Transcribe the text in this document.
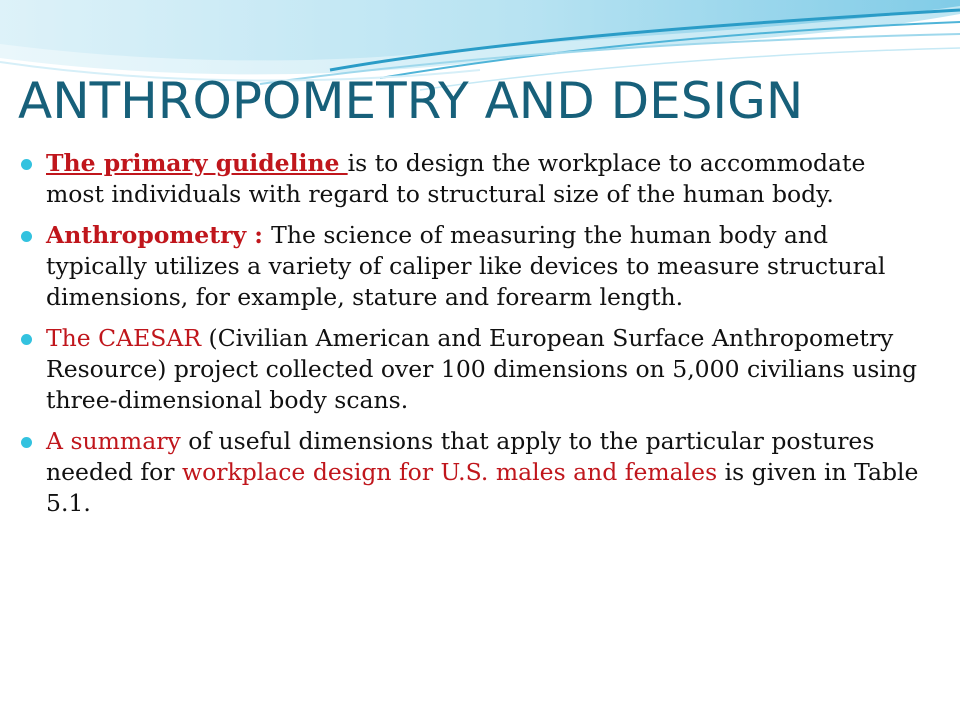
ANTHROPOMETRY AND DESIGN
The primary guideline is to design the workplace to accommodate most individuals with regard to structural size of the human body.
Anthropometry : The science of measuring the human body and typically utilizes a variety of caliper like devices to measure structural dimensions, for example, stature and forearm length.
The CAESAR (Civilian American and European Surface Anthropometry Resource) project collected over 100 dimensions on 5,000 civilians using three-dimensional body scans.
A summary of useful dimensions that apply to the particular postures needed for workplace design for U.S. males and females is given in Table 5.1.
